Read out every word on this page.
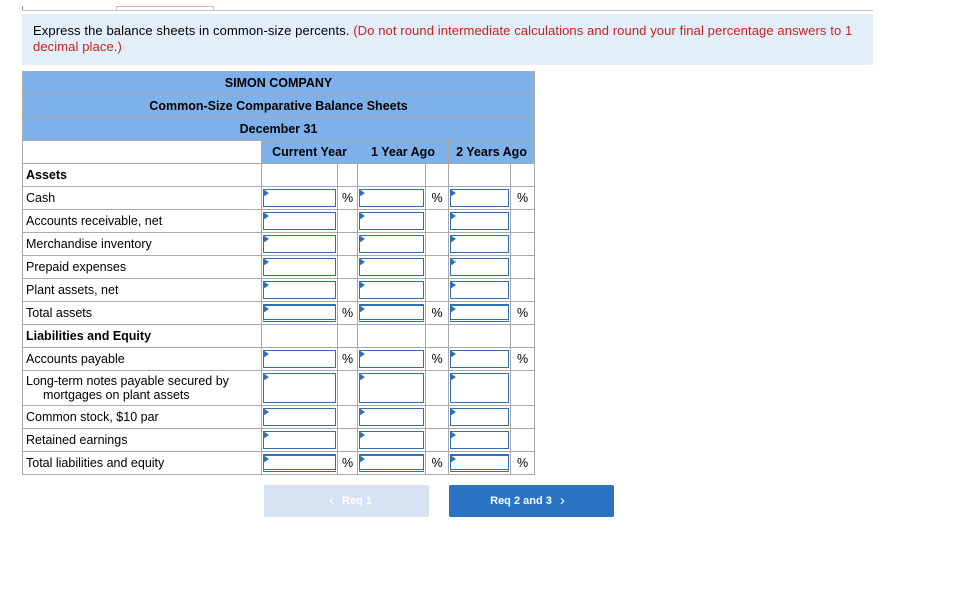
Express the balance sheets in common-size percents. (Do not round intermediate calculations and round your final percentage answers to 1 decimal place.)
SIMON COMPANY						
Common-Size Comparative Balance Sheets						
December 31						
	Current Year		1 Year Ago		2 Years Ago	
Assets						
Cash		%		%		%
Accounts receivable, net	

Merchandise inventory	

Prepaid expenses	

Plant assets, net	

Total assets		%		%		%
Liabilities and Equity						
Accounts payable		%		%		%
Long-term notes payable secured by
mortgages on plant assets						

Common stock, $10 par	

Retained earnings	

Total liabilities and equity		%		%		%
‹ Req 1	Req 2 and 3 ›
